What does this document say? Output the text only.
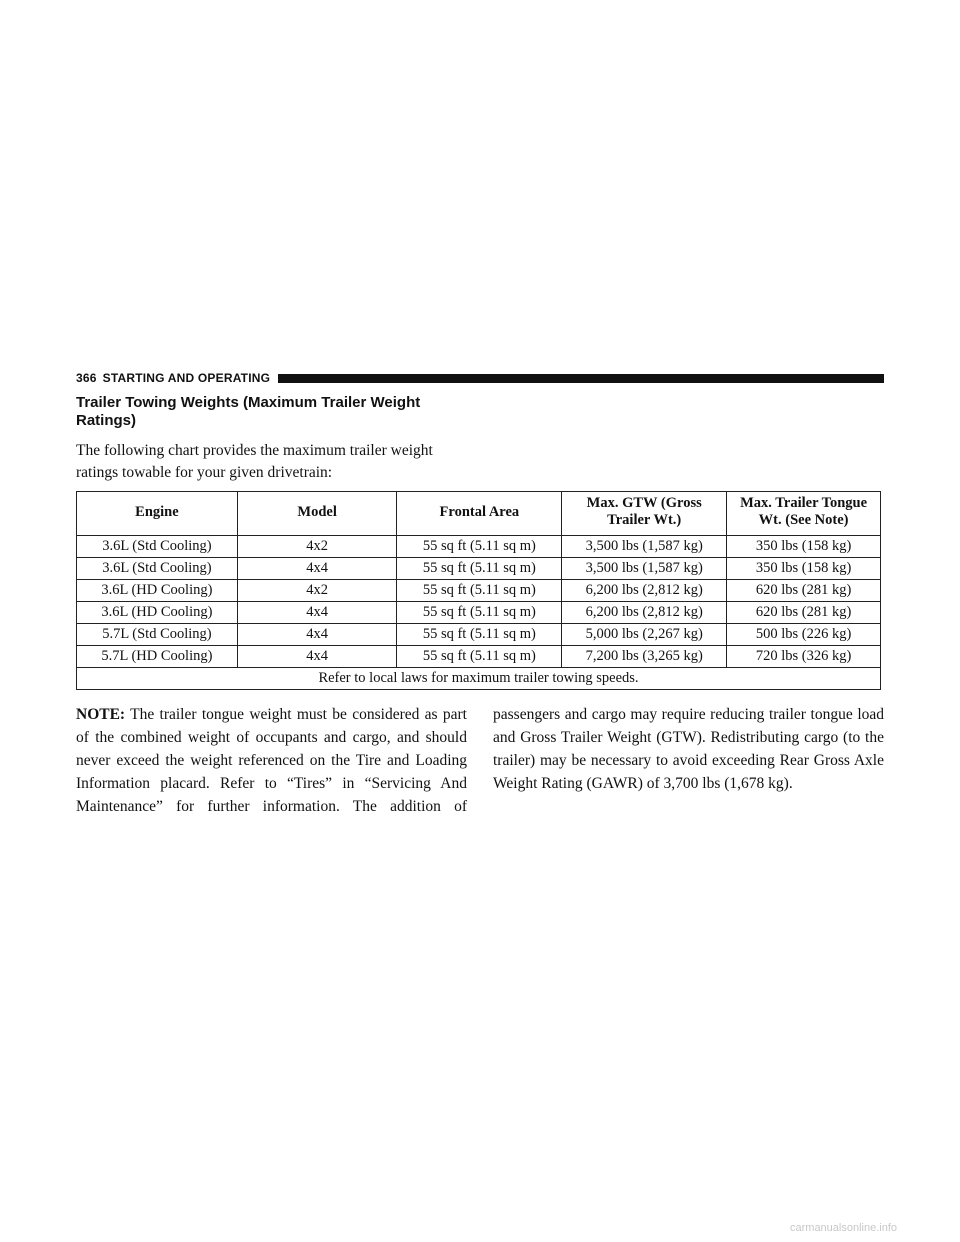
366 STARTING AND OPERATING
Trailer Towing Weights (Maximum Trailer Weight Ratings)

The following chart provides the maximum trailer weight ratings towable for your given drivetrain:

Engine	Model	Frontal Area	Max. GTW (Gross Trailer Wt.)	Max. Trailer Tongue Wt. (See Note)
3.6L (Std Cooling)	4x2	55 sq ft (5.11 sq m)	3,500 lbs (1,587 kg)	350 lbs (158 kg)
3.6L (Std Cooling)	4x4	55 sq ft (5.11 sq m)	3,500 lbs (1,587 kg)	350 lbs (158 kg)
3.6L (HD Cooling)	4x2	55 sq ft (5.11 sq m)	6,200 lbs (2,812 kg)	620 lbs (281 kg)
3.6L (HD Cooling)	4x4	55 sq ft (5.11 sq m)	6,200 lbs (2,812 kg)	620 lbs (281 kg)
5.7L (Std Cooling)	4x4	55 sq ft (5.11 sq m)	5,000 lbs (2,267 kg)	500 lbs (226 kg)
5.7L (HD Cooling)	4x4	55 sq ft (5.11 sq m)	7,200 lbs (3,265 kg)	720 lbs (326 kg)
Refer to local laws for maximum trailer towing speeds.				

NOTE: The trailer tongue weight must be considered as part of the combined weight of occupants and cargo, and should never exceed the weight referenced on the Tire and Loading Information placard. Refer to “Tires” in “Servicing And Maintenance” for further information. The addition of passengers and cargo may require reducing trailer tongue load and Gross Trailer Weight (GTW). Redistributing cargo (to the trailer) may be necessary to avoid exceeding Rear Gross Axle Weight Rating (GAWR) of 3,700 lbs (1,678 kg).

carmanualsonline.info
